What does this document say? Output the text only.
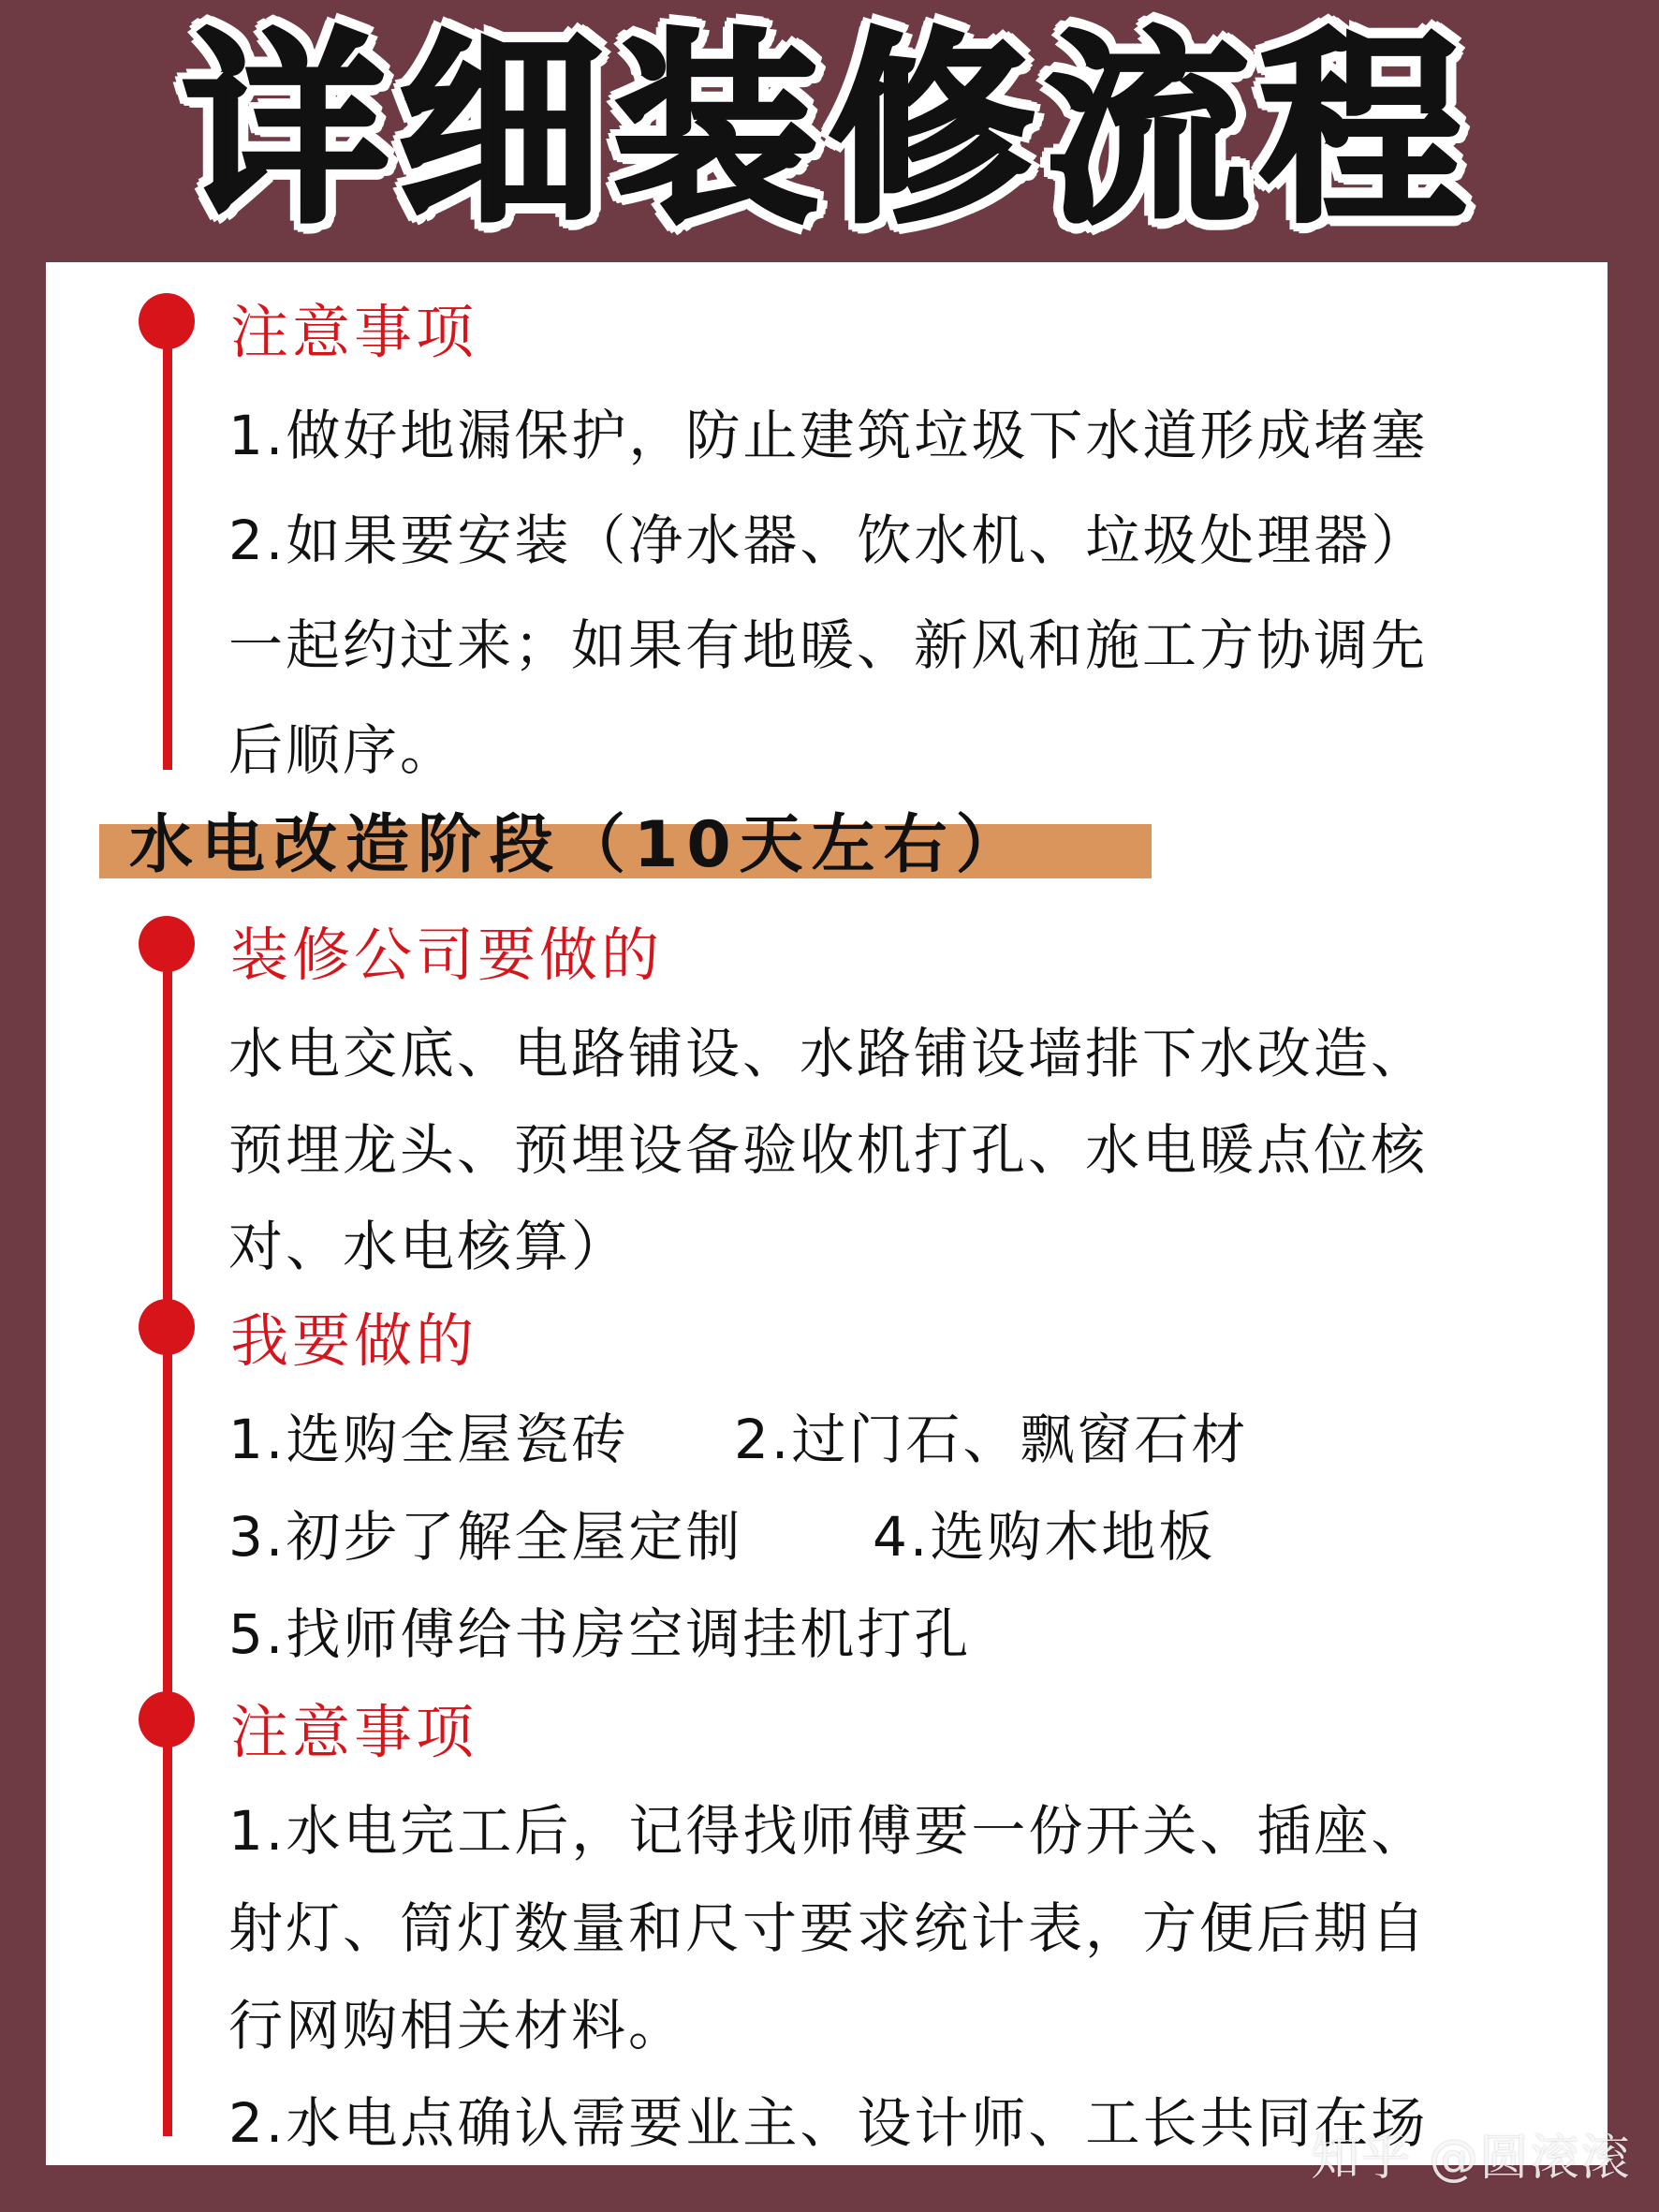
详细装修流程
注意事项
1.做好地漏保护，防止建筑垃圾下水道形成堵塞
2.如果要安装（净水器、饮水机、垃圾处理器）
一起约过来；如果有地暖、新风和施工方协调先
后顺序。
水电改造阶段（10天左右）
装修公司要做的
水电交底、电路铺设、水路铺设墙排下水改造、
预埋龙头、预埋设备验收机打孔、水电暖点位核
对、水电核算）
我要做的
1.选购全屋瓷砖 2.过门石、飘窗石材
3.初步了解全屋定制 4.选购木地板
5.找师傅给书房空调挂机打孔
注意事项
1.水电完工后，记得找师傅要一份开关、插座、
射灯、筒灯数量和尺寸要求统计表，方便后期自
行网购相关材料。
2.水电点确认需要业主、设计师、工长共同在场
知乎 @圆滚滚
